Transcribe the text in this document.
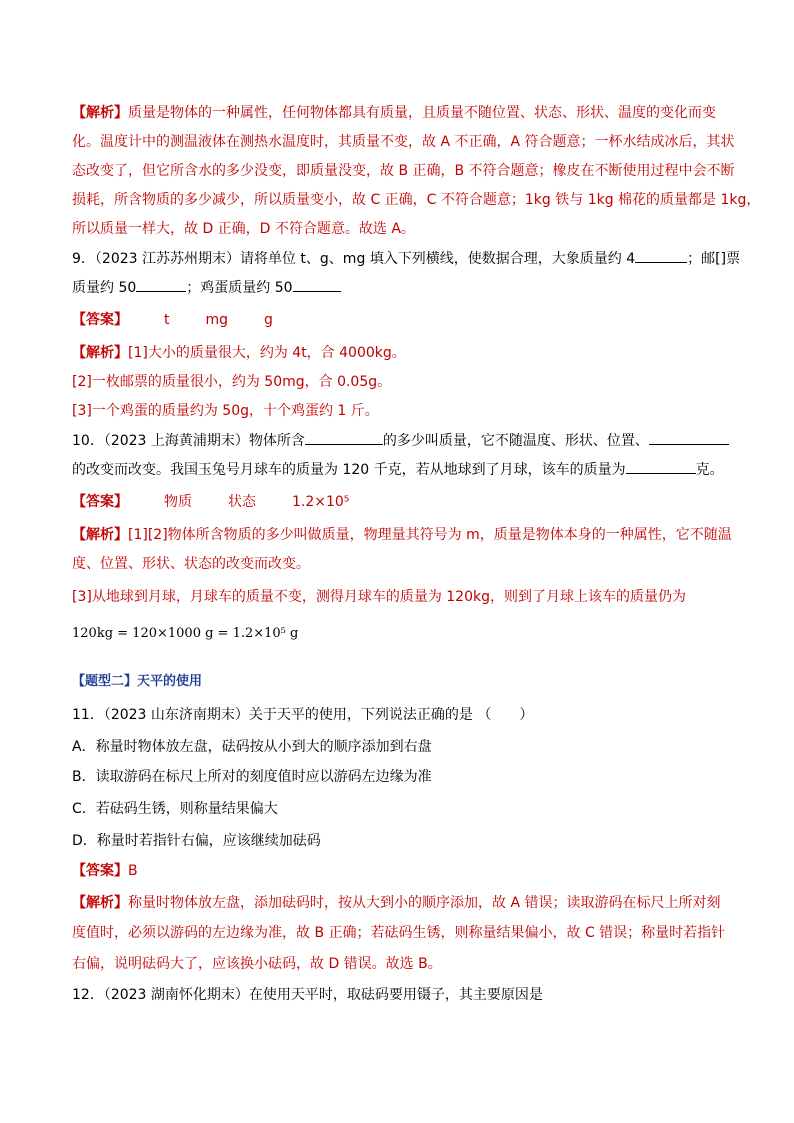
【解析】质量是物体的一种属性，任何物体都具有质量，且质量不随位置、状态、形状、温度的变化而变
化。温度计中的测温液体在测热水温度时，其质量不变，故 A 不正确，A 符合题意；一杯水结成冰后，其状
态改变了，但它所含水的多少没变，即质量没变，故 B 正确，B 不符合题意；橡皮在不断使用过程中会不断
损耗，所含物质的多少减少，所以质量变小，故 C 正确，C 不符合题意；1kg 铁与 1kg 棉花的质量都是 1kg，
所以质量一样大，故 D 正确，D 不符合题意。故选 A。
9．（2023 江苏苏州期末）请将单位 t、g、mg 填入下列横线，使数据合理，大象质量约 4	；邮[]票
质量约 50	；鸡蛋质量约 50
【答案】	t	mg	g
【解析】[1]大小的质量很大，约为 4t，合 4000kg。
[2]一枚邮票的质量很小，约为 50mg，合 0.05g。
[3]一个鸡蛋的质量约为 50g，十个鸡蛋约 1 斤。
10．（2023 上海黄浦期末）物体所含	的多少叫质量，它不随温度、形状、位置、
的改变而改变。我国玉兔号月球车的质量为 120 千克，若从地球到了月球，该车的质量为	克。
【答案】	物质	状态	1.2×10⁵
【解析】[1][2]物体所含物质的多少叫做质量，物理量其符号为 m，质量是物体本身的一种属性，它不随温
度、位置、形状、状态的改变而改变。
[3]从地球到月球，月球车的质量不变，测得月球车的质量为 120kg，则到了月球上该车的质量仍为
120kg = 120×1000 g = 1.2×10⁵ g
【题型二】天平的使用
11．（2023 山东济南期末）关于天平的使用，下列说法正确的是 （　　）
A．称量时物体放左盘，砝码按从小到大的顺序添加到右盘
B．读取游码在标尺上所对的刻度值时应以游码左边缘为准
C．若砝码生锈，则称量结果偏大
D．称量时若指针右偏，应该继续加砝码
【答案】B
【解析】称量时物体放左盘，添加砝码时，按从大到小的顺序添加，故 A 错误；读取游码在标尺上所对刻
度值时，必须以游码的左边缘为准，故 B 正确；若砝码生锈，则称量结果偏小，故 C 错误；称量时若指针
右偏，说明砝码大了，应该换小砝码，故 D 错误。故选 B。
12．（2023 湖南怀化期末）在使用天平时，取砝码要用镊子，其主要原因是
